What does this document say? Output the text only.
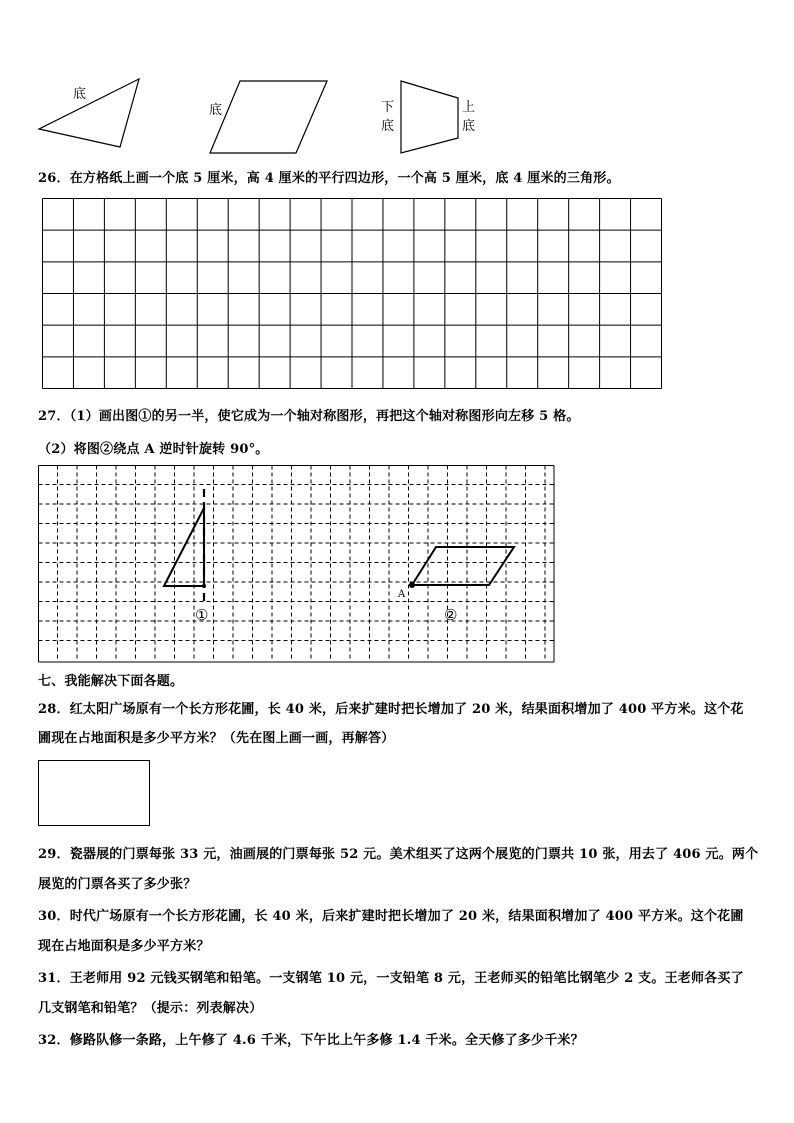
底
底	下底
上底
26．在方格纸上画一个底 5 厘米，高 4 厘米的平行四边形，一个高 5 厘米，底 4 厘米的三角形。
27．（1）画出图①的另一半，使它成为一个轴对称图形，再把这个轴对称图形向左移 5 格。
（2）将图②绕点 A 逆时针旋转 90°。
①	②
A
七、我能解决下面各题。
28．红太阳广场原有一个长方形花圃，长 40 米，后来扩建时把长增加了 20 米，结果面积增加了 400 平方米。这个花
圃现在占地面积是多少平方米？（先在图上画一画，再解答）
29．瓷器展的门票每张 33 元，油画展的门票每张 52 元。美术组买了这两个展览的门票共 10 张，用去了 406 元。两个
展览的门票各买了多少张？
30．时代广场原有一个长方形花圃，长 40 米，后来扩建时把长增加了 20 米，结果面积增加了 400 平方米。这个花圃
现在占地面积是多少平方米？
31．王老师用 92 元钱买钢笔和铅笔。一支钢笔 10 元，一支铅笔 8 元，王老师买的铅笔比钢笔少 2 支。王老师各买了
几支钢笔和铅笔？（提示：列表解决）
32．修路队修一条路，上午修了 4.6 千米，下午比上午多修 1.4 千米。全天修了多少千米？
